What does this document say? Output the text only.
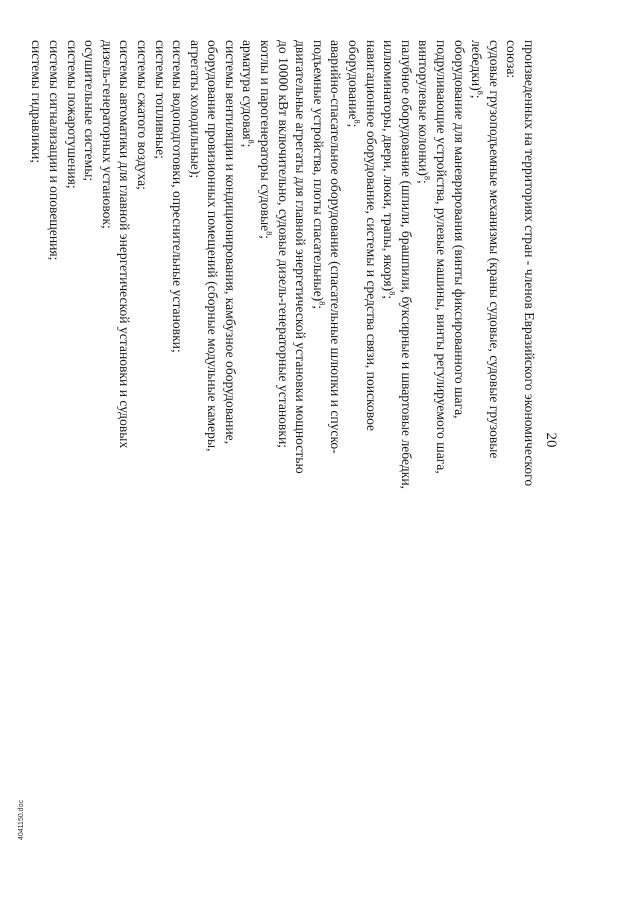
20
произведенных на территориях стран - членов Евразийского экономического
союза:
судовые грузоподъемные механизмы (краны судовые, судовые грузовые
лебедки)$^8$;
оборудование для маневрирования (винты фиксированного шага,
подруливающие устройства, рулевые машины, винты регулируемого шага,
винторулевые колонки)$^8$;
палубное оборудование (шпили, брашпили, буксирные и швартовые лебедки,
иллюминаторы, двери, люки, трапы, якоря)$^8$;
навигационное оборудование, системы и средства связи, поисковое
оборудование$^8$;
аварийно-спасательное оборудование (спасательные шлюпки и спуско-
подъемные устройства, плоты спасательные)$^8$;
двигательные агрегаты для главной энергетической установки мощностью
до 10000 кВт включительно, судовые дизель-генераторные установки;
котлы и парогенераторы судовые$^8$;
арматура судовая$^8$;
системы вентиляции и кондиционирования, камбузное оборудование,
оборудование провизионных помещений (сборные модульные камеры,
агрегаты холодильные);
системы водоподготовки, опреснительные установки;
системы топливные;
системы сжатого воздуха;
системы автоматики для главной энергетической установки и судовых
дизель-генераторных установок;
осушительные системы;
системы пожаротушения;
системы сигнализации и оповещения;
системы гидравлики;
4041150.doc
